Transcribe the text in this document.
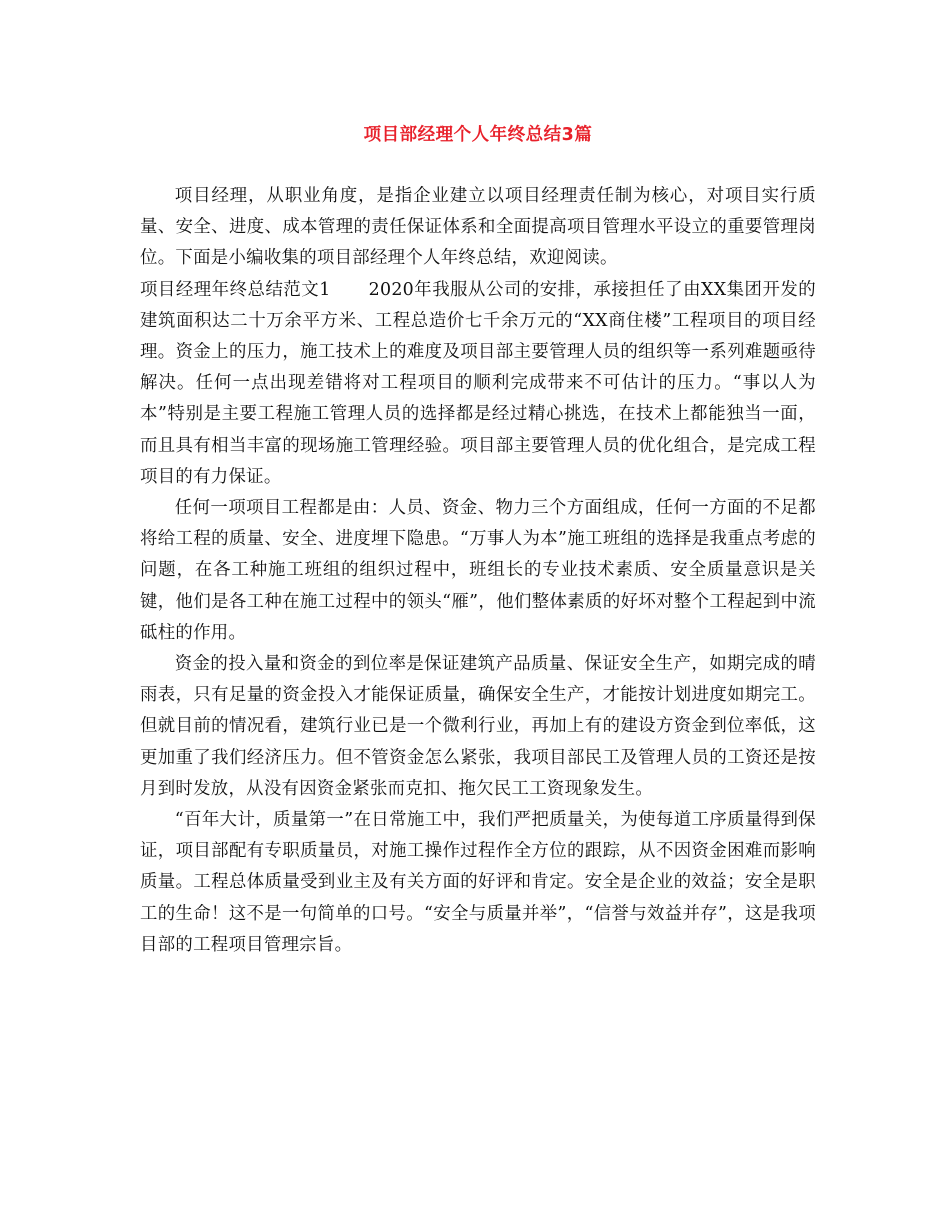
项目部经理个人年终总结3篇

项目经理，从职业角度，是指企业建立以项目经理责任制为核心，对项目实行质量、安全、进度、成本管理的责任保证体系和全面提高项目管理水平设立的重要管理岗位。下面是小编收集的项目部经理个人年终总结，欢迎阅读。

项目经理年终总结范文1 2020年我服从公司的安排，承接担任了由XX集团开发的建筑面积达二十万余平方米、工程总造价七千余万元的“XX商住楼”工程项目的项目经理。资金上的压力，施工技术上的难度及项目部主要管理人员的组织等一系列难题亟待解决。任何一点出现差错将对工程项目的顺利完成带来不可估计的压力。“事以人为本”特别是主要工程施工管理人员的选择都是经过精心挑选，在技术上都能独当一面，而且具有相当丰富的现场施工管理经验。项目部主要管理人员的优化组合，是完成工程项目的有力保证。

任何一项项目工程都是由：人员、资金、物力三个方面组成，任何一方面的不足都将给工程的质量、安全、进度埋下隐患。“万事人为本”施工班组的选择是我重点考虑的问题，在各工种施工班组的组织过程中，班组长的专业技术素质、安全质量意识是关键，他们是各工种在施工过程中的领头“雁”，他们整体素质的好坏对整个工程起到中流砥柱的作用。

资金的投入量和资金的到位率是保证建筑产品质量、保证安全生产，如期完成的晴雨表，只有足量的资金投入才能保证质量，确保安全生产，才能按计划进度如期完工。但就目前的情况看，建筑行业已是一个微利行业，再加上有的建设方资金到位率低，这更加重了我们经济压力。但不管资金怎么紧张，我项目部民工及管理人员的工资还是按月到时发放，从没有因资金紧张而克扣、拖欠民工工资现象发生。

“百年大计，质量第一”在日常施工中，我们严把质量关，为使每道工序质量得到保证，项目部配有专职质量员，对施工操作过程作全方位的跟踪，从不因资金困难而影响质量。工程总体质量受到业主及有关方面的好评和肯定。安全是企业的效益；安全是职工的生命！这不是一句简单的口号。“安全与质量并举”，“信誉与效益并存”，这是我项目部的工程项目管理宗旨。
